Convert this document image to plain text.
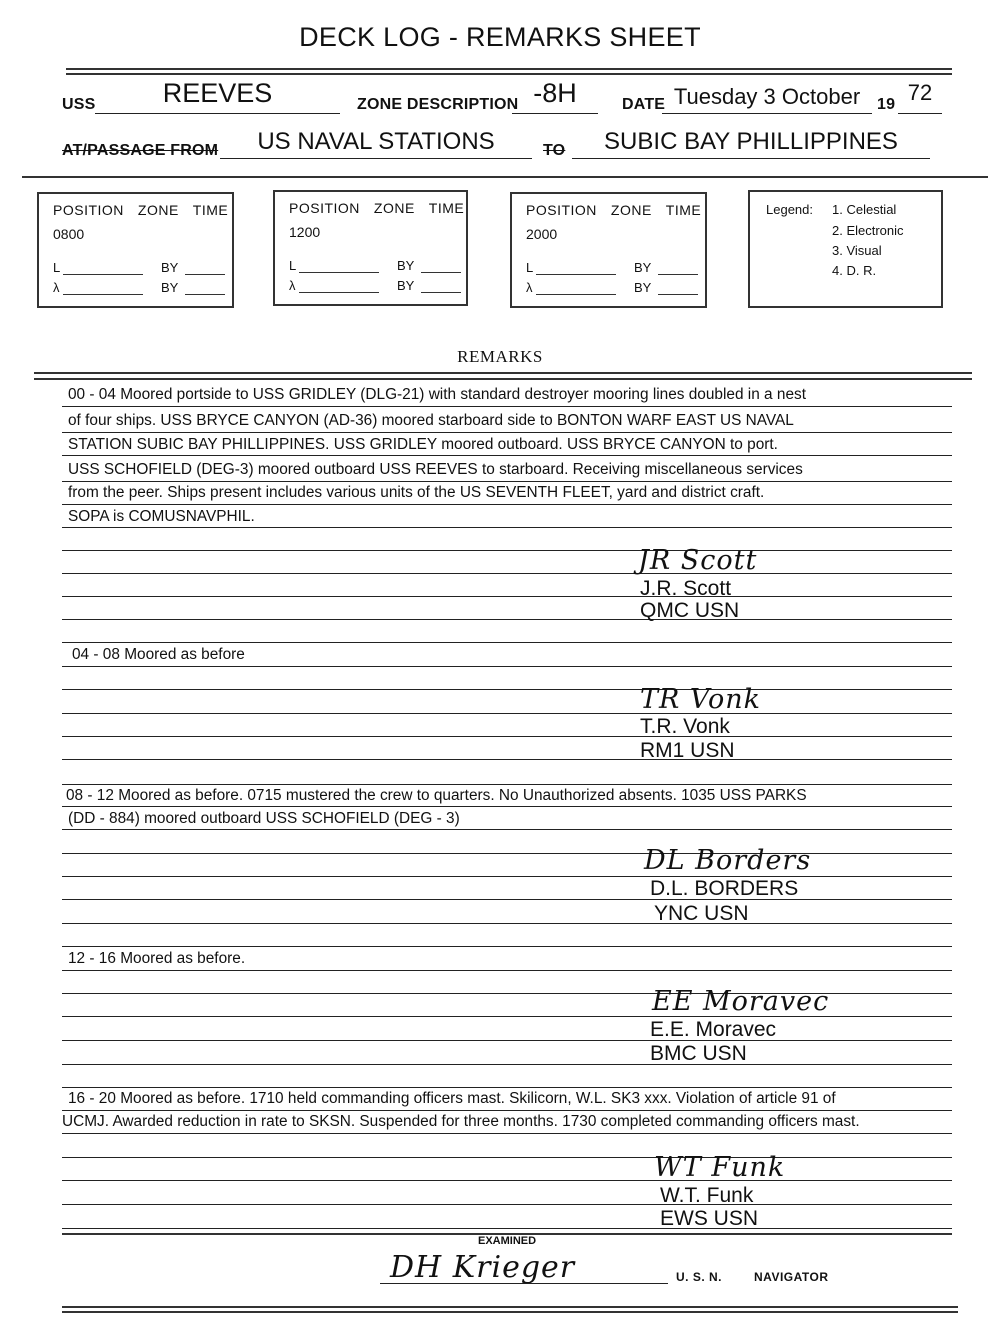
DECK LOG - REMARKS SHEET
USS	REEVES	ZONE DESCRIPTION -8H	DATE Tuesday 3 October	19 72
AT/PASSAGE FROM	US NAVAL STATIONS	TO	SUBIC BAY PHILLIPPINES
POSITION ZONE TIME
0800
L	BY
λ	BY
POSITION ZONE TIME
1200
L	BY
λ	BY
POSITION ZONE TIME
2000
L	BY
λ	BY
Legend: 1. Celestial
2. Electronic
3. Visual
4. D. R.
REMARKS
00 - 04 Moored portside to USS GRIDLEY (DLG-21) with standard destroyer mooring lines doubled in a nest
of four ships. USS BRYCE CANYON (AD-36) moored starboard side to BONTON WARF EAST US NAVAL
STATION SUBIC BAY PHILLIPPINES. USS GRIDLEY moored outboard. USS BRYCE CANYON to port.
USS SCHOFIELD (DEG-3) moored outboard USS REEVES to starboard. Receiving miscellaneous services
from the peer. Ships present includes various units of the US SEVENTH FLEET, yard and district craft.
SOPA is COMUSNAVPHIL.
JR Scott
J.R. Scott
QMC USN
04 - 08 Moored as before
TR Vonk
T.R. Vonk
RM1 USN
08 - 12 Moored as before. 0715 mustered the crew to quarters. No Unauthorized absents. 1035 USS PARKS
(DD - 884) moored outboard USS SCHOFIELD (DEG - 3)
DL Borders
D.L. BORDERS
YNC USN
12 - 16 Moored as before.
EE Moravec
E.E. Moravec
BMC USN
16 - 20 Moored as before. 1710 held commanding officers mast. Skilicorn, W.L. SK3 xxx. Violation of article 91 of
UCMJ. Awarded reduction in rate to SKSN. Suspended for three months. 1730 completed commanding officers mast.
WT Funk
W.T. Funk
EWS USN
EXAMINED
DH Krieger	U. S. N.	NAVIGATOR
